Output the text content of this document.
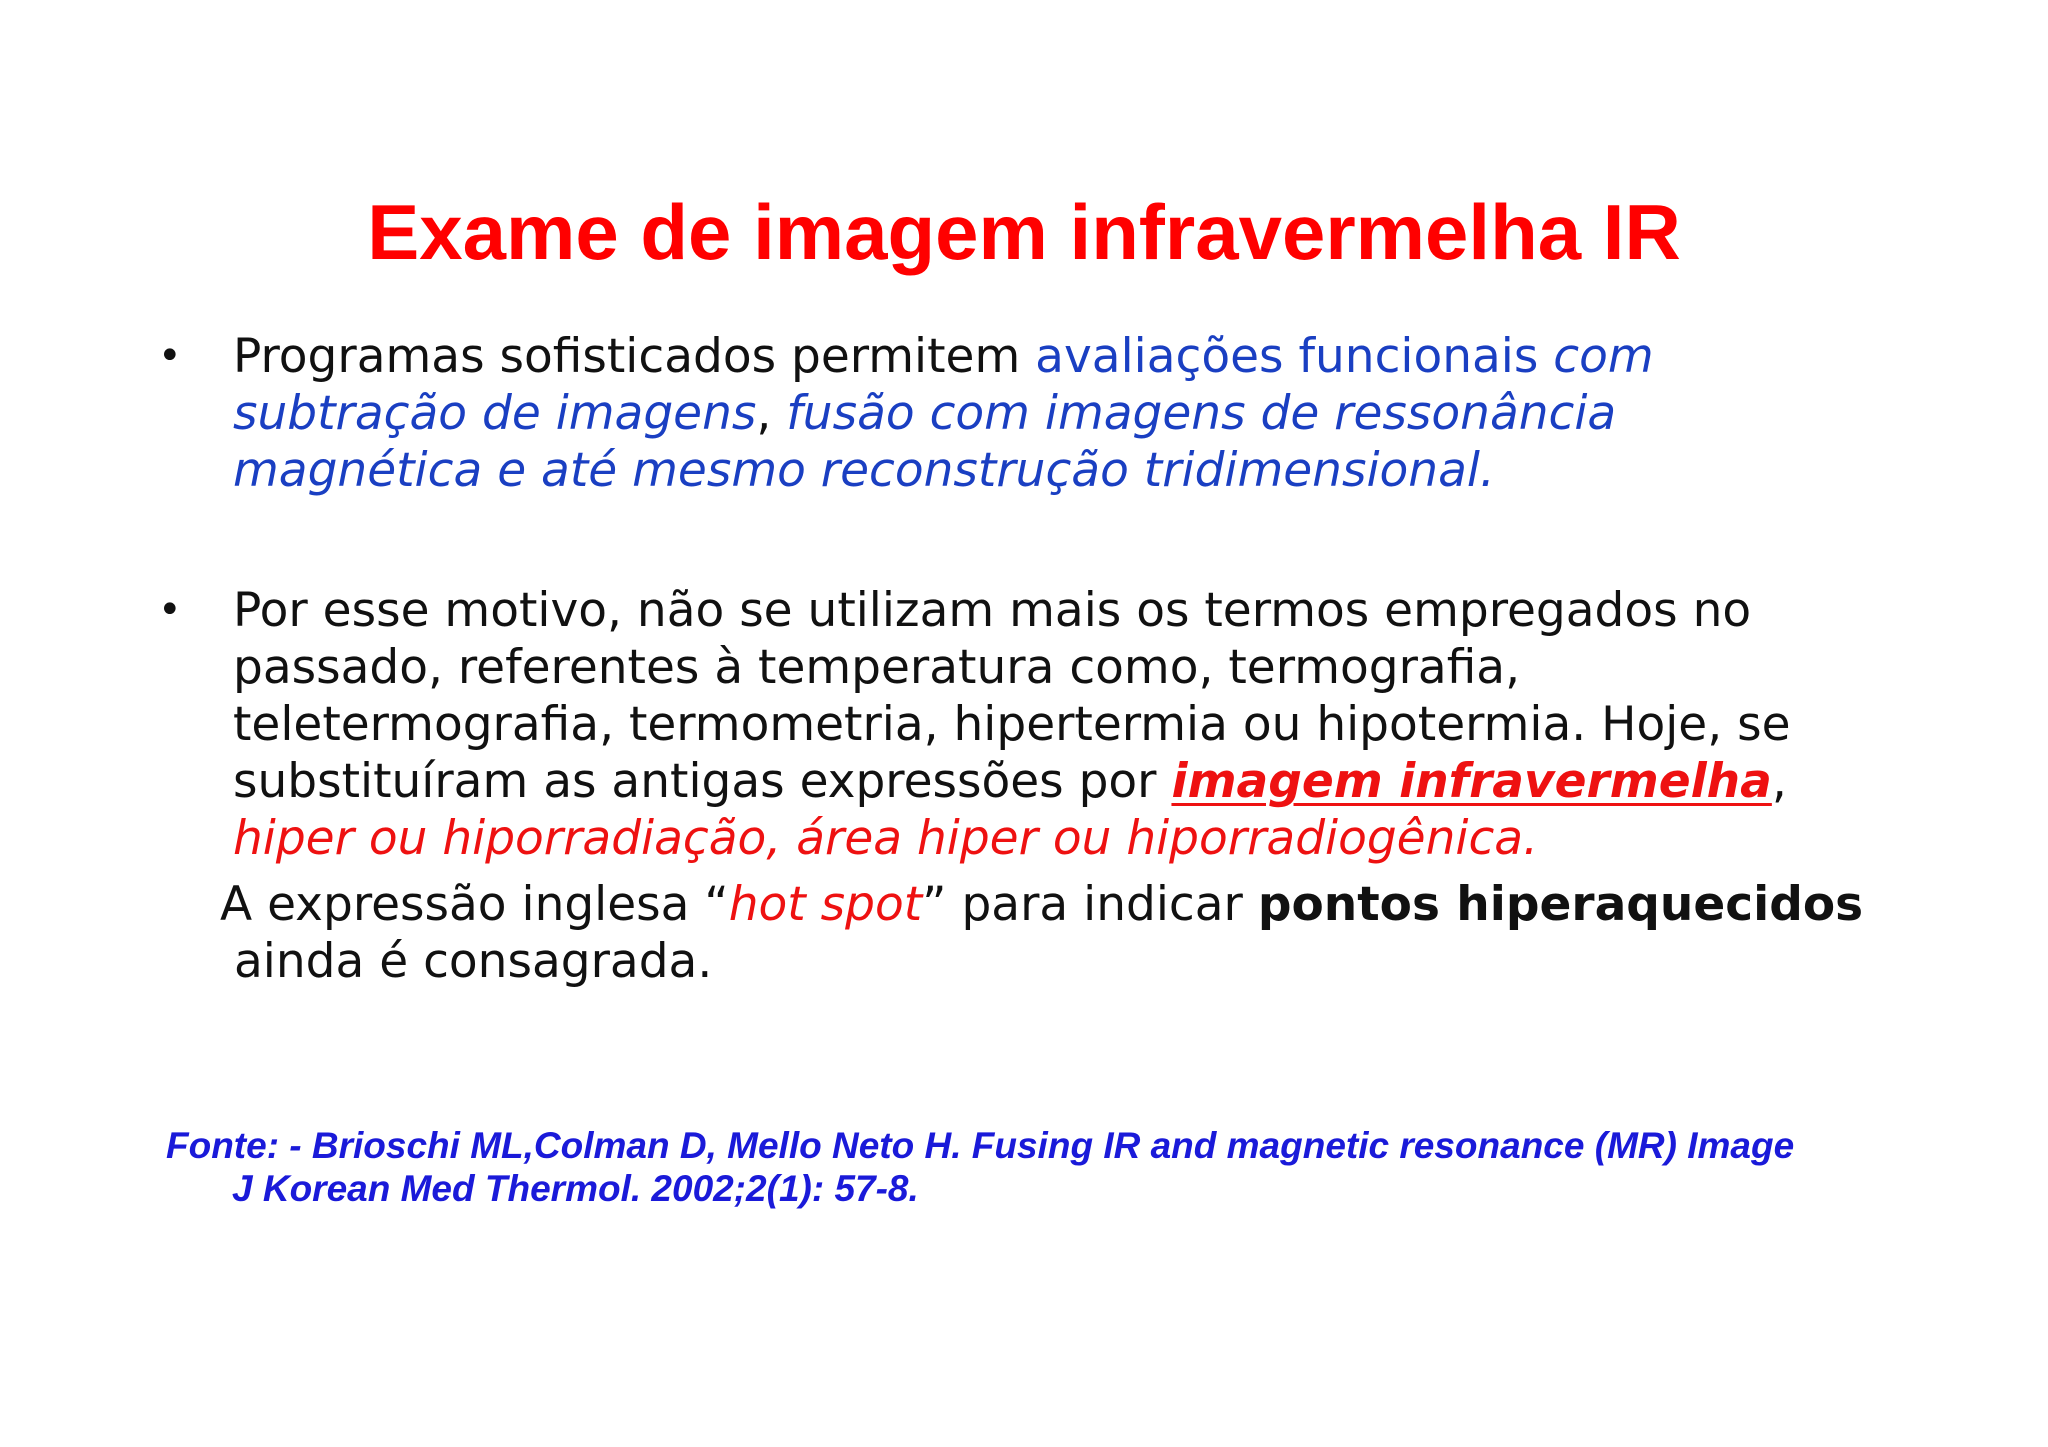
Exame de imagem infravermelha IR
•	Programas sofisticados permitem avaliações funcionais com subtração de imagens, fusão com imagens de ressonância magnética e até mesmo reconstrução tridimensional.
•	Por esse motivo, não se utilizam mais os termos empregados no passado, referentes à temperatura como, termografia, teletermografia, termometria, hipertermia ou hipotermia. Hoje, se substituíram as antigas expressões por imagem infravermelha,
hiper ou hiporradiação, área hiper ou hiporradiogênica.
A expressão inglesa “hot spot” para indicar pontos hiperaquecidos
ainda é consagrada.
Fonte: - Brioschi ML,Colman D, Mello Neto H. Fusing IR and magnetic resonance (MR) Image
J Korean Med Thermol. 2002;2(1): 57-8.
